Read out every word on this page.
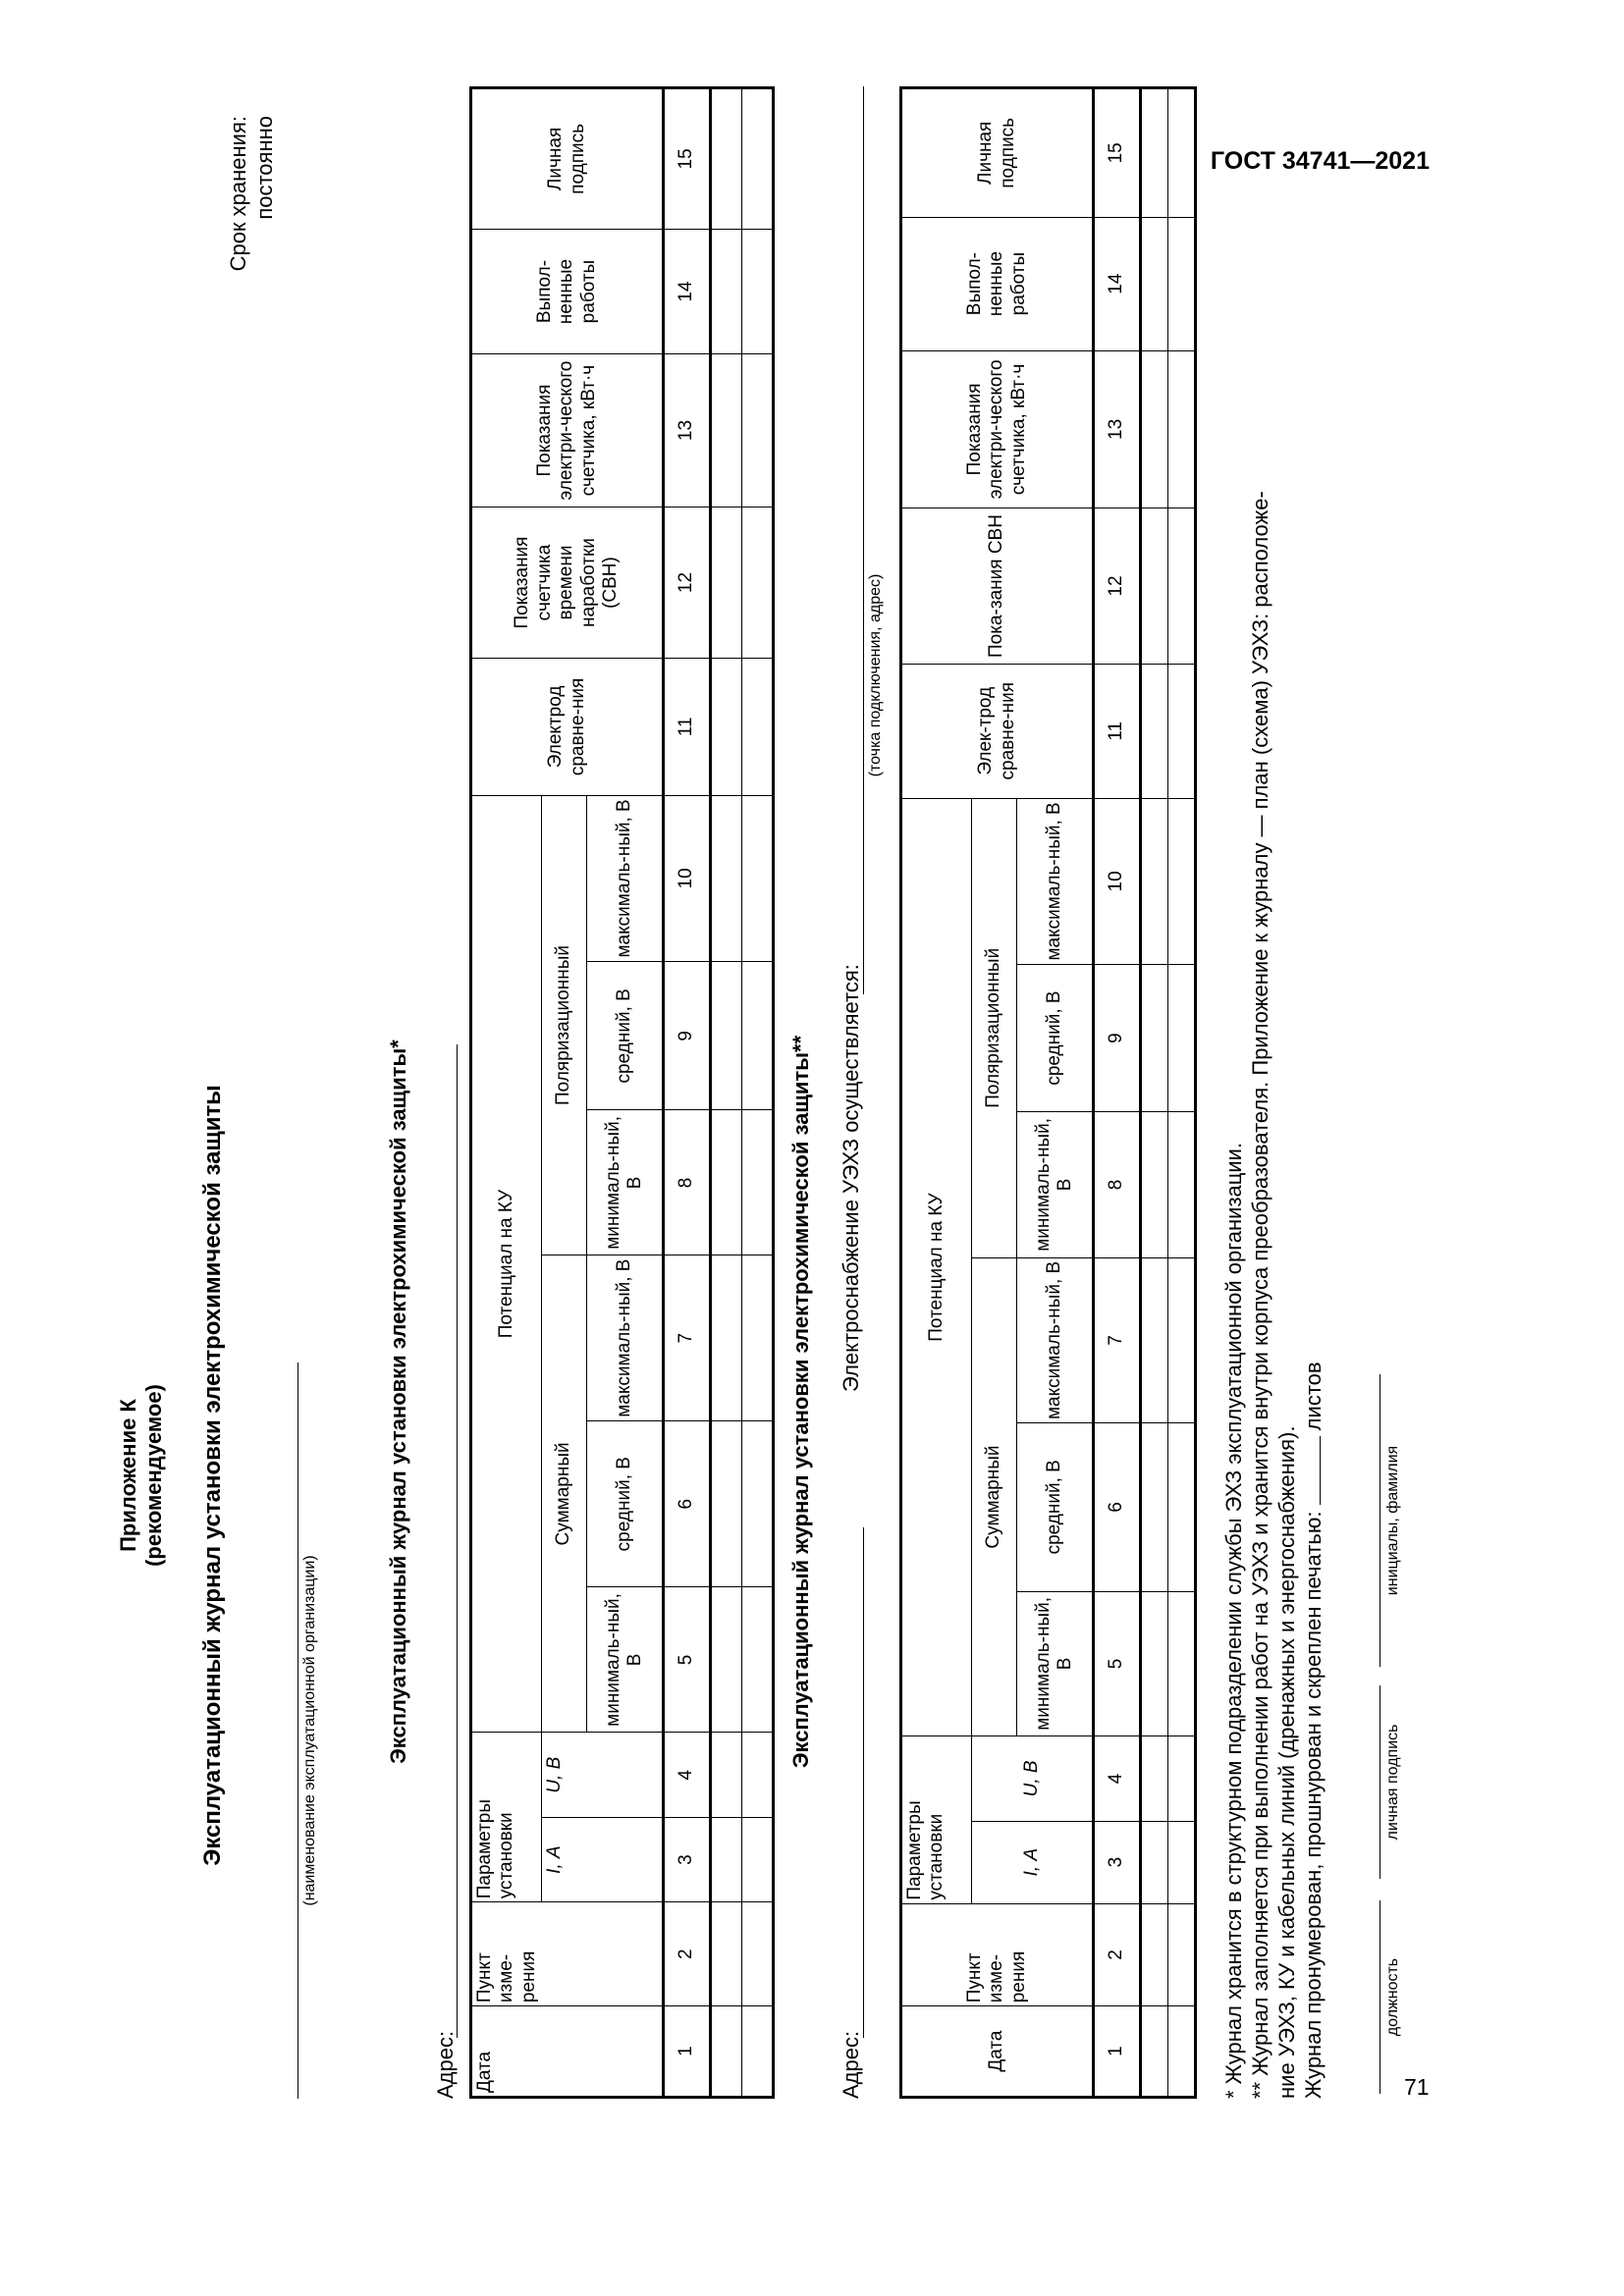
ГОСТ 34741—2021
71
Приложение К (рекомендуемое) Эксплуатационный журнал установки электрохимической защиты
Срок хранения: постоянно
(наименование эксплуатационной организации)	Эксплуатационный журнал установки электрохимической защиты*
Адрес: Дата	Пункт изме-рения	Параметры установки		Потенциал на КУ						Электрод сравне-ния	Показания счетчика времени наработки (СВН)	Показания электри-ческого счетчика, кВт·ч	Выпол-ненные работы	Личная подпись
		I, А	U, В	Суммарный			Поляризационный							
				минималь-ный, В	средний, В	максималь-ный, В	минималь-ный, В	средний, В	максималь-ный, В					
1	2	3	4	5	6	7	8	9	10	11	12	13	14	15

Эксплуатационный журнал установки электрохимической защиты**
Адрес:
Электроснабжение УЭХЗ осуществляется:
(точка подключения, адрес)
Дата	Пункт изме-рения	Параметры установки		Потенциал на КУ						Элек-трод сравне-ния	Пока-зания СВН	Показания электри-ческого счетчика, кВт·ч	Выпол-ненные работы	Личная подпись
		I, А	U, В	Суммарный			Поляризационный							
				минималь-ный, В	средний, В	максималь-ный, В	минималь-ный, В	средний, В	максималь-ный, В					
1	2	3	4	5	6	7	8	9	10	11	12	13	14	15

* Журнал хранится в структурном подразделении службы ЭХЗ эксплуатационной организации. ** Журнал заполняется при выполнении работ на УЭХЗ и хранится внутри корпуса преобразователя. Приложение к журналу — план (схема) УЭХЗ: расположе- ние УЭХЗ, КУ и кабельных линий (дренажных и энергоснабжения). Журнал пронумерован, прошнурован и скреплен печатью:  листов
должность
личная подпись
инициалы, фамилия
